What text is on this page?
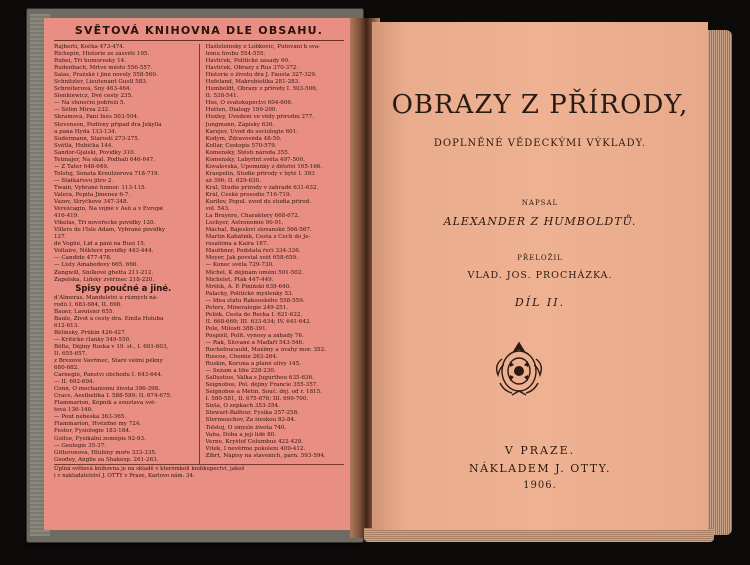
SVĚTOVÁ KNIHOVNA DLE OBSAHU.
Rajberti, Kočka 473-474.
Richepin, Historie ze zásvětí 195.
Rubei, Tři humoresky 14.
Rudenbach, Mrtvé město 556-557.
Saias, Pražské i jiné novely 558-560.
Schnitzler, Lieutenant Gustl 583.
Schreiterová, Sny 463-464.
Sienkiewicz, Dvě cesty 235.
— Na sluneční pobřeží 5.
— Sělim Mirza 232.
Skramová, Paní Inés 503-504.
Stevenson, Podivný případ dra Jekylla
a pana Hyda 133-134.
Sudermann, Starosti 273-275.
Světlá, Hubička 144.
Sandor-Gjalski, Povídky 310.
Tetmajer, Na skal. Podhalí 646-647.
— Z Tater 648-649.
Tolstoj, Sonata Kreutzerova 718-719.
— Statkářovo jitro 2.
Twain, Vybrané humor. 113-115.
Valera, Pepita Jimenez 6-7.
Vazov, Strýčkové 347-348.
Verešćagin, Na vojně v Asii a v Evropě
416-419.
Vikelas, Tři novořecké povídky 120.
Villers de l'Isle Adam, Vybrané povídky
127.
de Vogüé, Lid a páni na Rusi 15.
Voltaire, Některé povídky 443-444.
— Candide 477-478.
— Listy Amabedovy 665, 666.
Zangwill, Snílkové ghetta 211-212.
Zapolska, Lidský zvěřinec 218-220.
Spisy poučné a jiné.
d'Almeras, Mandelství u různých ná-
rodů I. 683-684, II. 698.
Bauer, Lavoisier 655.
Baule, Život a cesty dra. Emila Holuba
612-613.
Bělinský, Průkin 426-427.
— Kritické články 549-550.
Bölte, Dějiny Ruska v 19. st., I. 601-603,
II. 655-657.
z Brezové Vavřinec, Staré velmi pěkny
680-682.
Carnegie, Panství obchodu I. 643-644.
— II. 692-694.
Conn, O mechanismu života 396-398.
Crace, Aesthetika I. 588-589; II. 674-675.
Flammarion, Kopník a soustava svě-
tová 136-140.
— Pout nebeská 363-365.
Flammarion, Hvězdné my 724.
Fester, Fysiologie 183-184.
Goitse, Fysikální zeměpis 92-93.
— Geologie 35-37.
Gitteronová, Hlubiny moře 333-335.
Geodey, Anglie za Shakesp. 261-263.
Hašlsteinský z Lobkovic, Putování k sva-
tému hrobu 554-555.
Havlíček, Politické zásady 60.
Havlíček, Obrazy z Rus 370-372.
Historie o životu dra J. Fausta 327-329.
Hufeland, Makrobiotika 281-283.
Humboldt, Obrazy z přírody I. 503-506,
II. 538-541.
Hus, O svatokupectví 604-606.
Hutten, Dialogy 199-200.
Huxley, Uvedení ve vědy přírodní 277.
Jungmann, Zápisky 630.
Karejev, Úvod do sociologie 601.
Kodym, Zdravověda 48-50.
Kollár, Cestopis 570-579.
Komenský, Štěstí národa 355.
Komenský, Labyrint světa 497-500.
Kovalevská, Upomínky z dětství 165-166.
Kraepelin, Studie přírody v bytě I. 393
až 396; II. 629-630.
Král, Studie přírody v zahradě 631-632.
Král, České prosodie 716-719.
Kurilov, Popul. úvod do studia přírod.
vol. 543.
La Bruyère, Charaktery 668-672.
Lockyer, Astronomie 90-91.
Máchal, Bájesloví slovanské 566-567.
Martin Kabátník, Cesta z Čech do Je-
rusaléma a Kaira 187.
Mauthner, Podstata řeči 334-336.
Meyer, Jak povstal svět 658-659.
— Konec světa 729-730.
Michel, K dějinám umění 501-502.
Michelet, Pták 447-449.
Mrštík, A. P. Piniński 639-640.
Palacký, Politické myšlenky 53.
— Idea státu Rakouského 558-559.
Peters, Mineralogie 249-251.
Pelišk, Cesta do Řecka I. 621-622,
II. 668-669; III. 633-634; IV. 641-642.
Pole, Milosti 388-391.
Pospíšil, Polit. výnosy a záhady 76.
— Rak, Slované a Maďaři 543-546.
Rochefoucauld, Maximy a úvahy mor. 352.
Roscoe, Chemie 263-264.
Ruskin, Koruna a planě olivy 145.
— Sezam a lilie 228-230.
Sallustius, Válka s Jugurthou 635-636.
Seignobos, Pol. dějiny Francie 355-357.
Seignobos a Métin, Souč. děj. od r. 1815.
I. 580-581, II. 675-676; III. 699-700.
Sixta, O zepkách 353-354.
Stewart-Balfour, Fysika 257-258.
Stermouchov, Za šieskou 82-84.
Tolstoj, O smysle života 740.
Vaňa, Doba a její lidé 80.
Verne, Kryštof Columbus 422-429.
Vítek, I nevěřme pokolení 409-412.
Zibrt, Nápisy na staveních, parn. 593-594.
Úplná světová knihovna je na skladě v kterémkoli knihkupectví, jakož
i v nakladatelství J. OTTY v Praze, Karlovo nám. 34.
OBRAZY Z PŘÍRODY,
DOPLNĚNÉ VĚDECKÝMI VÝKLADY.
NAPSAL
ALEXANDER Z HUMBOLDTŮ.
PŘELOŽIL
VLAD. JOS. PROCHÁZKA.
DÍL II.
V PRAZE.
NÁKLADEM J. OTTY.
1906.
